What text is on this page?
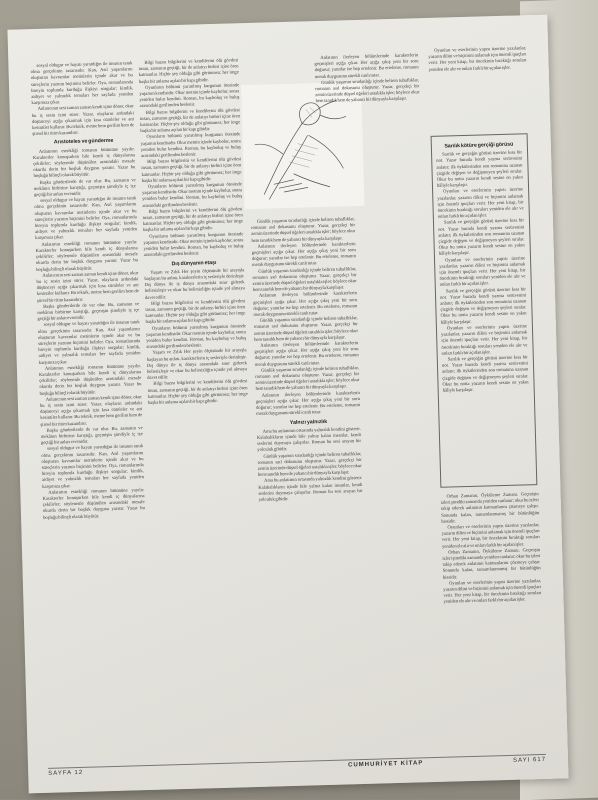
sosyal oldugur ve hayatı yaratdığın ile insanın tanık olma gerçekinin tasarısıdır. Kan, Asıl yaşamlarını oluşturan kavramlar metinlerin içinde akar ve bu süreçlerin yazının biçimini belirler. Oya, romanlarında bireyin toplumla kurduğu ilişkiyi sorgular; kimlik, aidiyet ve yalnızlık temaları her sayfada yeniden karşımıza çıkar.

Anlatıcının sesi zaman zaman kendi içine döner, okur bu iç sesin izini sürer. Yazar, olayların ardındaki düşünceyi açığa çıkarmak için kısa cümleler ve ani kesintiler kullanır. Bu teknik, metne hem gerilim hem de şiirsel bir ritim kazandırır.

Arıstoteles ve günderme

Anlatımın esnekliği romanın bütününe yayılır. Karakterler konuşurken bile kendi iç dünyalarına çekilirler; söylenenle düşünülen arasındaki mesafe okurda derin bir boşluk duygusu yaratır. Yazar bu boşluğu bilinçli olarak büyütür.

Başka gönderilerde de var olur. Bu, zamanın ve mekânın birbirine karıştığı, geçmişin şimdiyle iç içe geçtiği bir anlatı evrenidir.

sosyal oldugur ve hayatı yaratdığın ile insanın tanık olma gerçekinin tasarısıdır. Kan, Asıl yaşamlarını oluşturan kavramlar metinlerin içinde akar ve bu süreçlerin yazının biçimini belirler. Oya, romanlarında bireyin toplumla kurduğu ilişkiyi sorgular; kimlik, aidiyet ve yalnızlık temaları her sayfada yeniden karşımıza çıkar.

Anlatımın esnekliği romanın bütününe yayılır. Karakterler konuşurken bile kendi iç dünyalarına çekilirler; söylenenle düşünülen arasındaki mesafe okurda derin bir boşluk duygusu yaratır. Yazar bu boşluğu bilinçli olarak büyütür.

Anlatıcının sesi zaman zaman kendi içine döner, okur bu iç sesin izini sürer. Yazar, olayların ardındaki düşünceyi açığa çıkarmak için kısa cümleler ve ani kesintiler kullanır. Bu teknik, metne hem gerilim hem de şiirsel bir ritim kazandırır.

Başka gönderilerde de var olur. Bu, zamanın ve mekânın birbirine karıştığı, geçmişin şimdiyle iç içe geçtiği bir anlatı evrenidir.

sosyal oldugur ve hayatı yaratdığın ile insanın tanık olma gerçekinin tasarısıdır. Kan, Asıl yaşamlarını oluşturan kavramlar metinlerin içinde akar ve bu süreçlerin yazının biçimini belirler. Oya, romanlarında bireyin toplumla kurduğu ilişkiyi sorgular; kimlik, aidiyet ve yalnızlık temaları her sayfada yeniden karşımıza çıkar.

Anlatımın esnekliği romanın bütününe yayılır. Karakterler konuşurken bile kendi iç dünyalarına çekilirler; söylenenle düşünülen arasındaki mesafe okurda derin bir boşluk duygusu yaratır. Yazar bu boşluğu bilinçli olarak büyütür.

Anlatıcının sesi zaman zaman kendi içine döner, okur bu iç sesin izini sürer. Yazar, olayların ardındaki düşünceyi açığa çıkarmak için kısa cümleler ve ani kesintiler kullanır. Bu teknik, metne hem gerilim hem de şiirsel bir ritim kazandırır.

Başka gönderilerde de var olur. Bu, zamanın ve mekânın birbirine karıştığı, geçmişin şimdiyle iç içe geçtiği bir anlatı evrenidir.

sosyal oldugur ve hayatı yaratdığın ile insanın tanık olma gerçekinin tasarısıdır. Kan, Asıl yaşamlarını oluşturan kavramlar metinlerin içinde akar ve bu süreçlerin yazının biçimini belirler. Oya, romanlarında bireyin toplumla kurduğu ilişkiyi sorgular; kimlik, aidiyet ve yalnızlık temaları her sayfada yeniden karşımıza çıkar.

Anlatımın esnekliği romanın bütününe yayılır. Karakterler konuşurken bile kendi iç dünyalarına çekilirler; söylenenle düşünülen arasındaki mesafe okurda derin bir boşluk duygusu yaratır. Yazar bu boşluğu bilinçli olarak büyütür.

Bilgi bazısı bilgilerini ve kendilerini ölü gövdesi insan, zamanın geçtiği, bir de anlatıyı birbiri içine ören katmanlar. Hiçbir şey olduğu gibi görünmez; her imge başka bir anlama açılan bir kapı gibidir.

Oyunların bölümü yaratılmış kurgunun ötesinde yaşamın kendisidir. Okur metnin içinde kaybolur, sonra yeniden bulur kendini. Roman, bu kayboluş ve buluş arasındaki gerilimden beslenir.

Bilgi bazısı bilgilerini ve kendilerini ölü gövdesi insan, zamanın geçtiği, bir de anlatıyı birbiri içine ören katmanlar. Hiçbir şey olduğu gibi görünmez; her imge başka bir anlama açılan bir kapı gibidir.

Oyunların bölümü yaratılmış kurgunun ötesinde yaşamın kendisidir. Okur metnin içinde kaybolur, sonra yeniden bulur kendini. Roman, bu kayboluş ve buluş arasındaki gerilimden beslenir.

Bilgi bazısı bilgilerini ve kendilerini ölü gövdesi insan, zamanın geçtiği, bir de anlatıyı birbiri içine ören katmanlar. Hiçbir şey olduğu gibi görünmez; her imge başka bir anlama açılan bir kapı gibidir.

Oyunların bölümü yaratılmış kurgunun ötesinde yaşamın kendisidir. Okur metnin içinde kaybolur, sonra yeniden bulur kendini. Roman, bu kayboluş ve buluş arasındaki gerilimden beslenir.

Bilgi bazısı bilgilerini ve kendilerini ölü gövdesi insan, zamanın geçtiği, bir de anlatıyı birbiri içine ören katmanlar. Hiçbir şey olduğu gibi görünmez; her imge başka bir anlama açılan bir kapı gibidir.

Oyunların bölümü yaratılmış kurgunun ötesinde yaşamın kendisidir. Okur metnin içinde kaybolur, sonra yeniden bulur kendini. Roman, bu kayboluş ve buluş arasındaki gerilimden beslenir.

Dış dünyanın etaşı

Yaşam ve Zılık Her şeyin ölçüsünde bir arayışla başlayan bu anlatı, karakterlerin iç sesleriyle derinleşir. Dış dünya ile iç dünya arasındaki sınır giderek belirsizleşir ve okur bu belirsizliğin içinde yol almaya davet edilir.

Bilgi bazısı bilgilerini ve kendilerini ölü gövdesi insan, zamanın geçtiği, bir de anlatıyı birbiri içine ören katmanlar. Hiçbir şey olduğu gibi görünmez; her imge başka bir anlama açılan bir kapı gibidir.

Oyunların bölümü yaratılmış kurgunun ötesinde yaşamın kendisidir. Okur metnin içinde kaybolur, sonra yeniden bulur kendini. Roman, bu kayboluş ve buluş arasındaki gerilimden beslenir.

Yaşam ve Zılık Her şeyin ölçüsünde bir arayışla başlayan bu anlatı, karakterlerin iç sesleriyle derinleşir. Dış dünya ile iç dünya arasındaki sınır giderek belirsizleşir ve okur bu belirsizliğin içinde yol almaya davet edilir.

Bilgi bazısı bilgilerini ve kendilerini ölü gövdesi insan, zamanın geçtiği, bir de anlatıyı birbiri içine ören katmanlar. Hiçbir şey olduğu gibi görünmez; her imge başka bir anlama açılan bir kapı gibidir.

Günlük yaşamın sıradanlığı içinde beliren tuhaflıklar, romanın asıl dokusunu oluşturur. Yazar, gerçekçi bir zemin üzerinde düşsel öğeleri ustalıkla işler; böylece okur hem tanıdık hem de yabancı bir dünyayla karşılaşır.

Anlatının ilerleyen bölümlerinde karakterlerin geçmişleri açığa çıkar. Her açığa çıkış yeni bir soru doğurur; yanıtlar ise hep ertelenir. Bu erteleme, romanın merak duygusunu sürekli canlı tutar.

Günlük yaşamın sıradanlığı içinde beliren tuhaflıklar, romanın asıl dokusunu oluşturur. Yazar, gerçekçi bir zemin üzerinde düşsel öğeleri ustalıkla işler; böylece okur hem tanıdık hem de yabancı bir dünyayla karşılaşır.

Anlatının ilerleyen bölümlerinde karakterlerin geçmişleri açığa çıkar. Her açığa çıkış yeni bir soru doğurur; yanıtlar ise hep ertelenir. Bu erteleme, romanın merak duygusunu sürekli canlı tutar.

Günlük yaşamın sıradanlığı içinde beliren tuhaflıklar, romanın asıl dokusunu oluşturur. Yazar, gerçekçi bir zemin üzerinde düşsel öğeleri ustalıkla işler; böylece okur hem tanıdık hem de yabancı bir dünyayla karşılaşır.

Anlatının ilerleyen bölümlerinde karakterlerin geçmişleri açığa çıkar. Her açığa çıkış yeni bir soru doğurur; yanıtlar ise hep ertelenir. Bu erteleme, romanın merak duygusunu sürekli canlı tutar.

Günlük yaşamın sıradanlığı içinde beliren tuhaflıklar, romanın asıl dokusunu oluşturur. Yazar, gerçekçi bir zemin üzerinde düşsel öğeleri ustalıkla işler; böylece okur hem tanıdık hem de yabancı bir dünyayla karşılaşır.

Anlatının ilerleyen bölümlerinde karakterlerin geçmişleri açığa çıkar. Her açığa çıkış yeni bir soru doğurur; yanıtlar ise hep ertelenir. Bu erteleme, romanın merak duygusunu sürekli canlı tutar.

Yalnızı yalnızlık

Ama bu anlatımın ortasında yalnızlık kendini gösterir. Kalabalıkların içinde bile yalnız kalan insanlar, kendi seslerini duymaya çalışırlar. Roman bu sesi arayan bir yolculuk gibidir.

Günlük yaşamın sıradanlığı içinde beliren tuhaflıklar, romanın asıl dokusunu oluşturur. Yazar, gerçekçi bir zemin üzerinde düşsel öğeleri ustalıkla işler; böylece okur hem tanıdık hem de yabancı bir dünyayla karşılaşır.

Ama bu anlatımın ortasında yalnızlık kendini gösterir. Kalabalıkların içinde bile yalnız kalan insanlar, kendi seslerini duymaya çalışırlar. Roman bu sesi arayan bir yolculuk gibidir.

Anlatının ilerleyen bölümlerinde karakterlerin geçmişleri açığa çıkar. Her açığa çıkış yeni bir soru doğurur; yanıtlar ise hep ertelenir. Bu erteleme, romanın merak duygusunu sürekli canlı tutar.

Günlük yaşamın sıradanlığı içinde beliren tuhaflıklar, romanın asıl dokusunu oluşturur. Yazar, gerçekçi bir zemin üzerinde düşsel öğeleri ustalıkla işler; böylece okur hem tanıdık hem de yabancı bir dünyayla karşılaşır.

Oyunları ve eserlerinin yapısı üzerine yazılanlar, yazarın dilini ve biçimini anlamak için önemli ipuçları verir. Her yeni kitap, bir öncekinin bıraktığı soruları yeniden ele alır ve onları farklı bir açıdan işler.

Sarılık kötüre gerçiği görüsü

Sarılık ve gerçeğin görüsü üzerine kısa bir not. Yazar burada kendi yazma serüvenini anlatır; ilk öykülerinden son romanına uzanan çizgide değişen ve değişmeyen şeyleri sıralar. Okur bu notta yazarın kendi sesine en yakın hâliyle karşılaşır.

Oyunları ve eserlerinin yapısı üzerine yazılanlar, yazarın dilini ve biçimini anlamak için önemli ipuçları verir. Her yeni kitap, bir öncekinin bıraktığı soruları yeniden ele alır ve onları farklı bir açıdan işler.

Sarılık ve gerçeğin görüsü üzerine kısa bir not. Yazar burada kendi yazma serüvenini anlatır; ilk öykülerinden son romanına uzanan çizgide değişen ve değişmeyen şeyleri sıralar. Okur bu notta yazarın kendi sesine en yakın hâliyle karşılaşır.

Oyunları ve eserlerinin yapısı üzerine yazılanlar, yazarın dilini ve biçimini anlamak için önemli ipuçları verir. Her yeni kitap, bir öncekinin bıraktığı soruları yeniden ele alır ve onları farklı bir açıdan işler.

Sarılık ve gerçeğin görüsü üzerine kısa bir not. Yazar burada kendi yazma serüvenini anlatır; ilk öykülerinden son romanına uzanan çizgide değişen ve değişmeyen şeyleri sıralar. Okur bu notta yazarın kendi sesine en yakın hâliyle karşılaşır.

Oyunları ve eserlerinin yapısı üzerine yazılanlar, yazarın dilini ve biçimini anlamak için önemli ipuçları verir. Her yeni kitap, bir öncekinin bıraktığı soruları yeniden ele alır ve onları farklı bir açıdan işler.

Sarılık ve gerçeğin görüsü üzerine kısa bir not. Yazar burada kendi yazma serüvenini anlatır; ilk öykülerinden son romanına uzanan çizgide değişen ve değişmeyen şeyleri sıralar. Okur bu notta yazarın kendi sesine en yakın hâliyle karşılaşır.

Orhan Zamanın, Öyküleme Zamanı. Geçmişin izleri şimdiki zamanda yeniden canlanır; okur bu izleri takip ederek anlatının katmanlarını çözmeye çalışır. Sonunda kalan, tamamlanmamış bir bütünlüğün hissidir.

Oyunları ve eserlerinin yapısı üzerine yazılanlar, yazarın dilini ve biçimini anlamak için önemli ipuçları verir. Her yeni kitap, bir öncekinin bıraktığı soruları yeniden ele alır ve onları farklı bir açıdan işler.

Orhan Zamanın, Öyküleme Zamanı. Geçmişin izleri şimdiki zamanda yeniden canlanır; okur bu izleri takip ederek anlatının katmanlarını çözmeye çalışır. Sonunda kalan, tamamlanmamış bir bütünlüğün hissidir.

Oyunları ve eserlerinin yapısı üzerine yazılanlar, yazarın dilini ve biçimini anlamak için önemli ipuçları verir. Her yeni kitap, bir öncekinin bıraktığı soruları yeniden ele alır ve onları farklı bir açıdan işler.

SAYFA 12
CUMHURİYET KİTAP	SAYI 617
